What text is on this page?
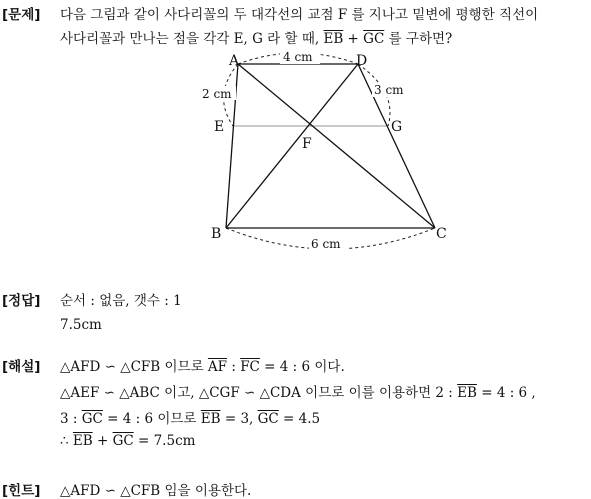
[문제] 다음 그림과 같이 사다리꼴의 두 대각선의 교점 F 를 지나고 밑변에 평행한 직선이
사다리꼴과 만나는 점을 각각 E, G 라 할 때, $\overline{EB} + \overline{GC}$ 를 구하면?
A	D
B	C
E
F
G
4 cm
2 cm	3 cm
6 cm
[정답] 순서 : 없음, 갯수 : 1
7.5cm
[해설] △AFD ∽ △CFB 이므로 $\overline{AF}$ : $\overline{FC} = 4$ : 6 이다.
△AEF ∽ △ABC 이고, △CGF ∽ △CDA 이므로 이를 이용하면 2 : $\overline{EB} = 4$ : 6 ,
3 : $\overline{GC} = 4$ : 6 이므로 $\overline{EB} = 3$, $\overline{GC} = 4.5$
∴ $\overline{EB} + \overline{GC} = 7.5cm$
[힌트] △AFD ∽ △CFB 임을 이용한다.
